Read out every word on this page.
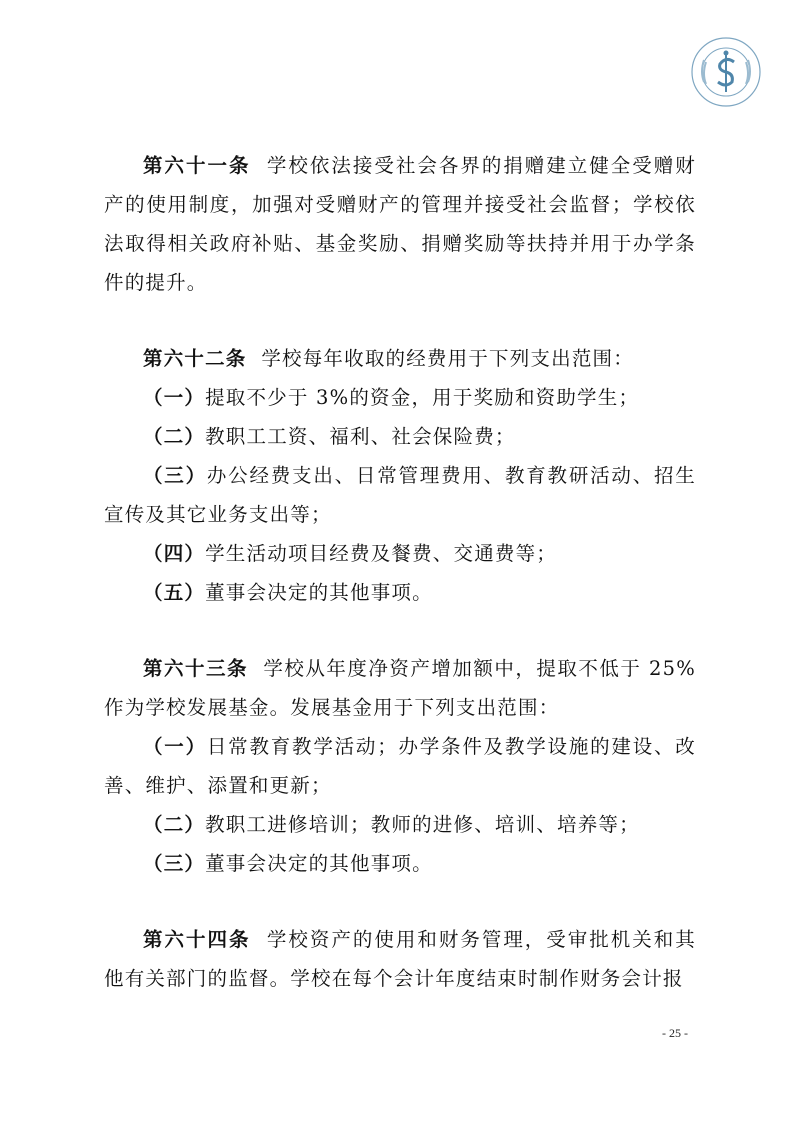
第六十一条 学校依法接受社会各界的捐赠建立健全受赠财产的使用制度，加强对受赠财产的管理并接受社会监督；学校依法取得相关政府补贴、基金奖励、捐赠奖励等扶持并用于办学条件的提升。

第六十二条 学校每年收取的经费用于下列支出范围：

（一）提取不少于 3%的资金，用于奖励和资助学生；

（二）教职工工资、福利、社会保险费；

（三）办公经费支出、日常管理费用、教育教研活动、招生宣传及其它业务支出等；

（四）学生活动项目经费及餐费、交通费等；

（五）董事会决定的其他事项。

第六十三条 学校从年度净资产增加额中，提取不低于 25%作为学校发展基金。发展基金用于下列支出范围：

（一）日常教育教学活动；办学条件及教学设施的建设、改善、维护、添置和更新；

（二）教职工进修培训；教师的进修、培训、培养等；

（三）董事会决定的其他事项。

第六十四条 学校资产的使用和财务管理，受审批机关和其他有关部门的监督。学校在每个会计年度结束时制作财务会计报

- 25 -
